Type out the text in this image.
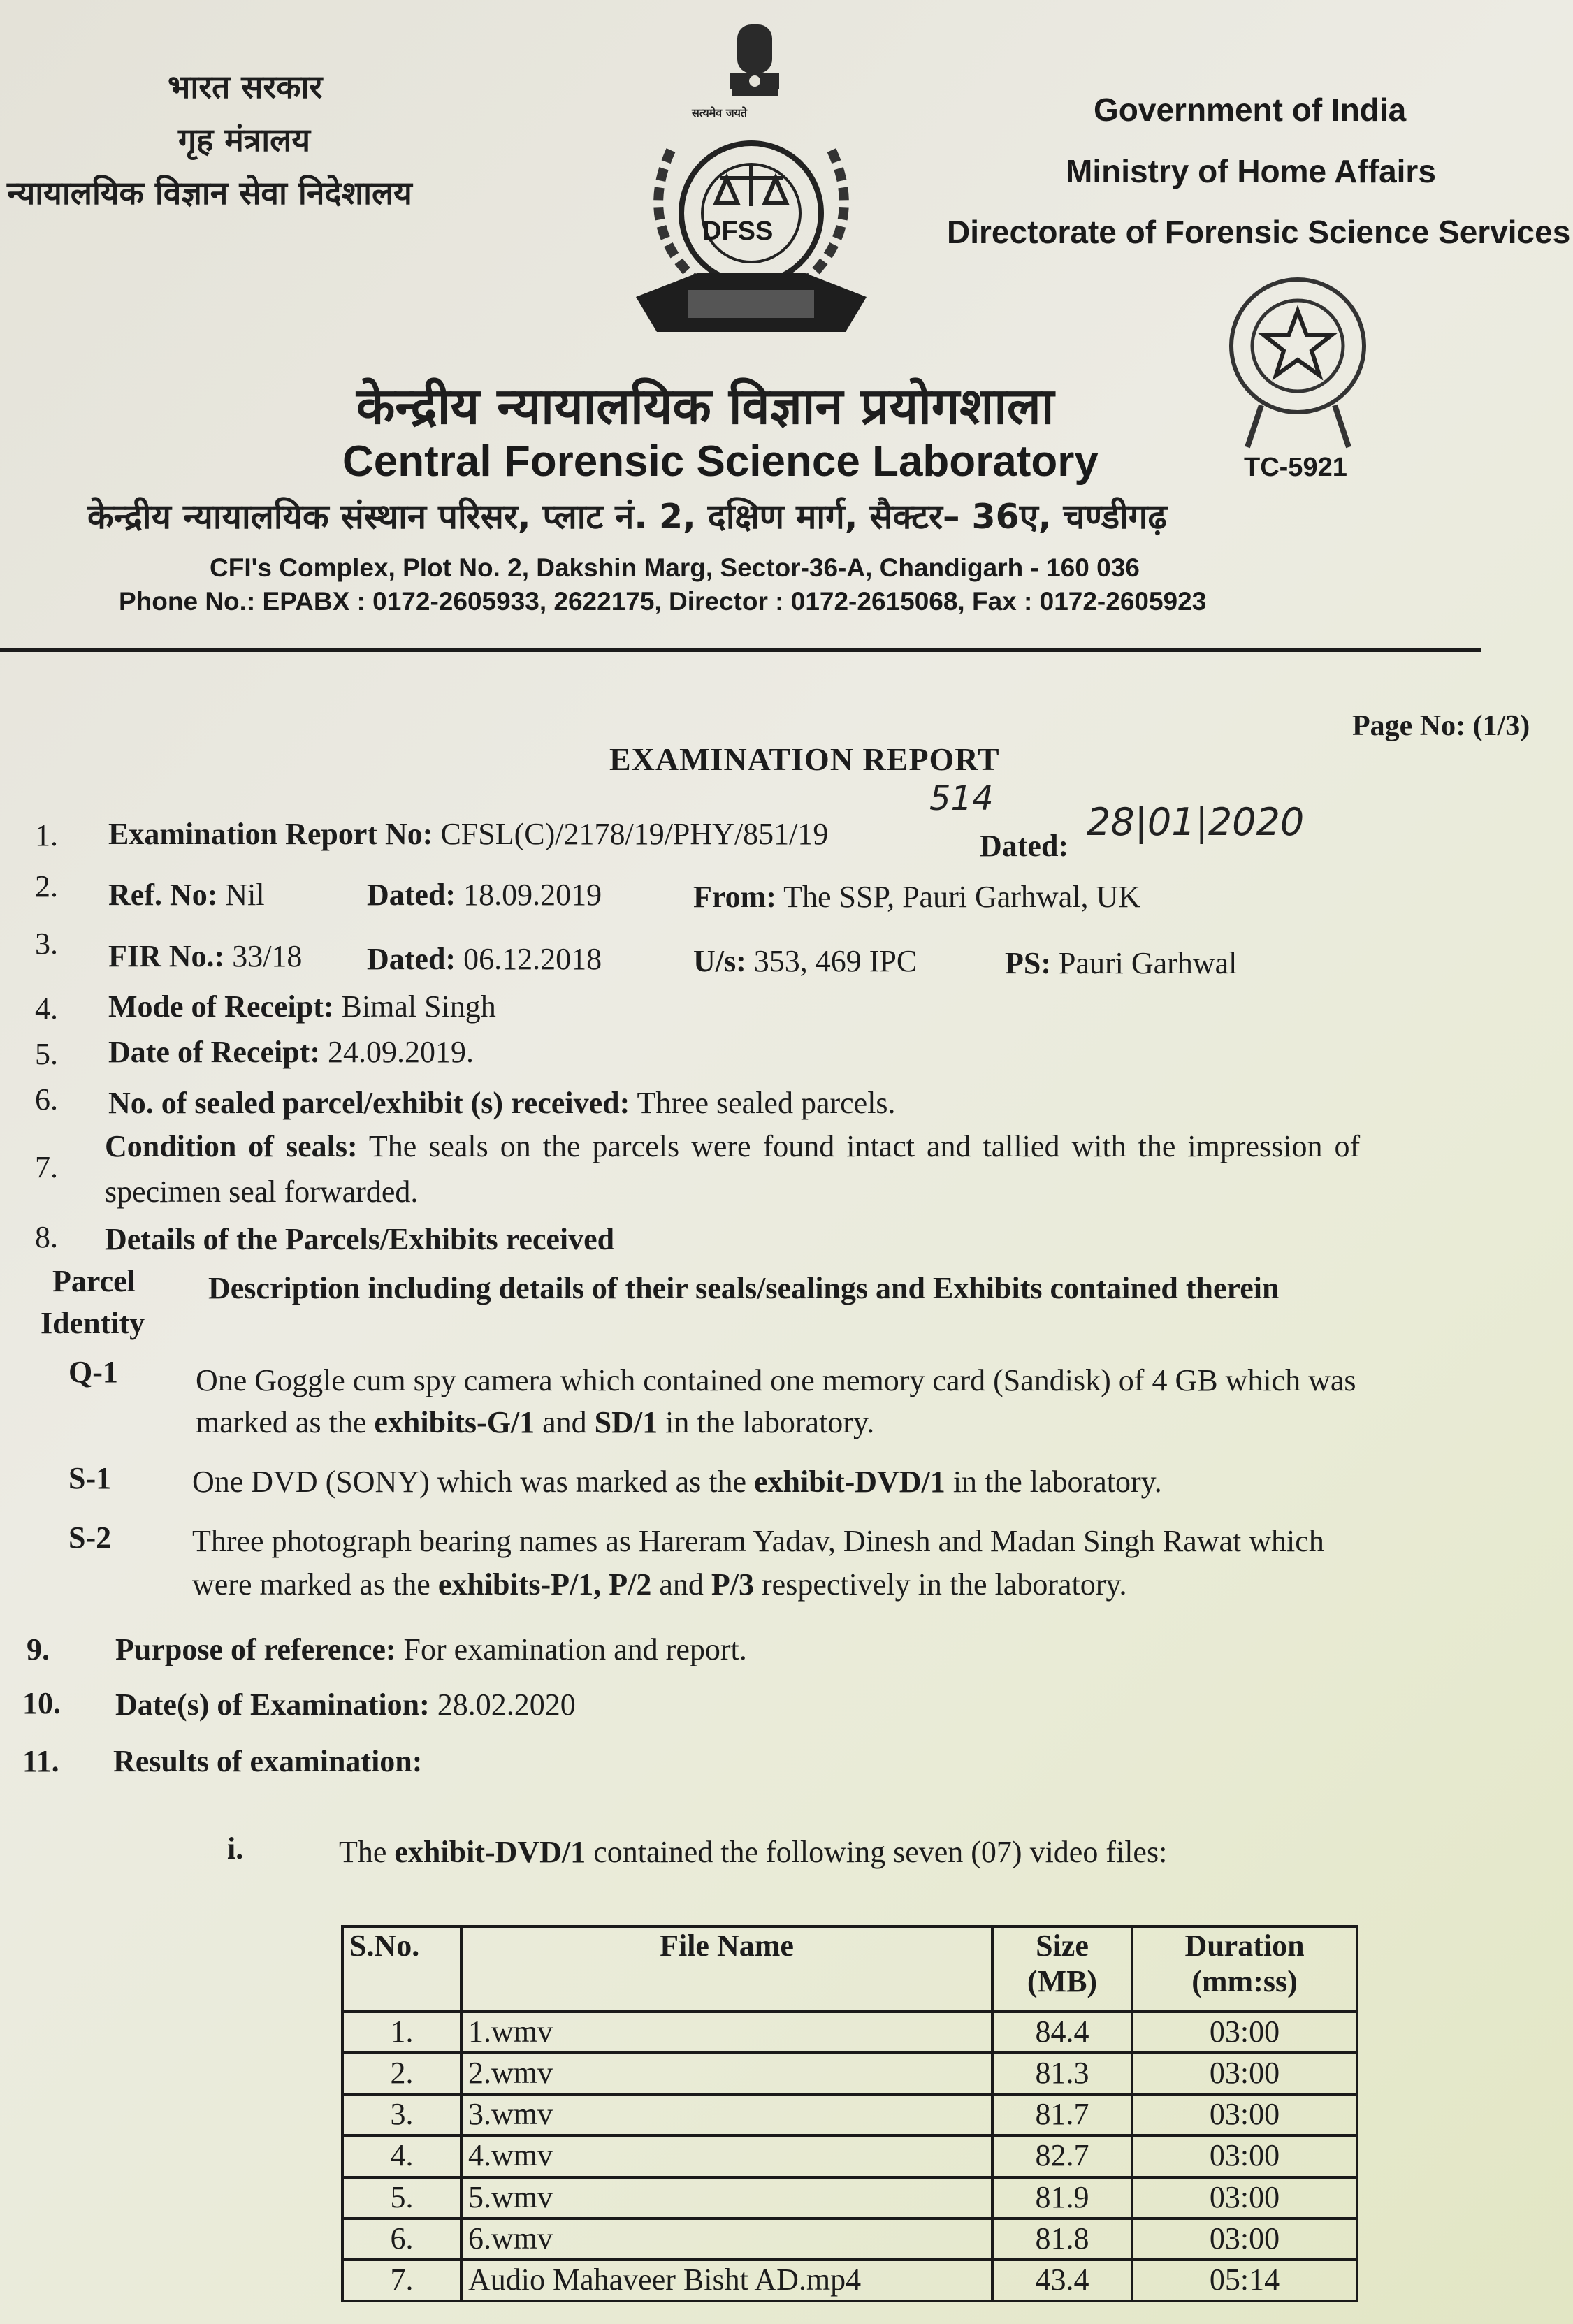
भारत सरकार
गृह मंत्रालय
न्यायालयिक विज्ञान सेवा निदेशालय
सत्यमेव जयते
DFSS
Government of India
Ministry of Home Affairs
Directorate of Forensic Science Services
TC-5921
केन्द्रीय न्यायालयिक विज्ञान प्रयोगशाला
Central Forensic Science Laboratory
केन्द्रीय न्यायालयिक संस्थान परिसर, प्लाट नं. 2, दक्षिण मार्ग, सैक्टर– 36ए, चण्डीगढ़
CFI's Complex, Plot No. 2, Dakshin Marg, Sector-36-A, Chandigarh - 160 036
Phone No.: EPABX : 0172-2605933, 2622175, Director : 0172-2615068, Fax : 0172-2605923
Page No: (1/3)
EXAMINATION REPORT
1. Examination Report No: CFSL(C)/2178/19/PHY/851/19
514
Dated:
28|01|2020
2. Ref. No: Nil	Dated: 18.09.2019	From: The SSP, Pauri Garhwal, UK
3. FIR No.: 33/18 Dated: 06.12.2018	U/s: 353, 469 IPC	PS: Pauri Garhwal
4. Mode of Receipt: Bimal Singh
5. Date of Receipt: 24.09.2019.
6. No. of sealed parcel/exhibit (s) received: Three sealed parcels.
7.
Condition of seals: The seals on the parcels were found intact and tallied with the impression of
specimen seal forwarded.
8. Details of the Parcels/Exhibits received
Parcel
Identity
Description including details of their seals/sealings and Exhibits contained therein
Q-1	One Goggle cum spy camera which contained one memory card (Sandisk) of 4 GB which was
marked as the exhibits-G/1 and SD/1 in the laboratory.
S-1	One DVD (SONY) which was marked as the exhibit-DVD/1 in the laboratory.
S-2	Three photograph bearing names as Hareram Yadav, Dinesh and Madan Singh Rawat which
were marked as the exhibits-P/1, P/2 and P/3 respectively in the laboratory.
9. Purpose of reference: For examination and report.
10. Date(s) of Examination: 28.02.2020
11. Results of examination:
i.	The exhibit-DVD/1 contained the following seven (07) video files:
S.No.	File Name	Size (MB)	Duration (mm:ss)
1.	1.wmv	84.4	03:00
2.	2.wmv	81.3	03:00
3.	3.wmv	81.7	03:00
4.	4.wmv	82.7	03:00
5.	5.wmv	81.9	03:00
6.	6.wmv	81.8	03:00
7.	Audio Mahaveer Bisht AD.mp4	43.4	05:14
